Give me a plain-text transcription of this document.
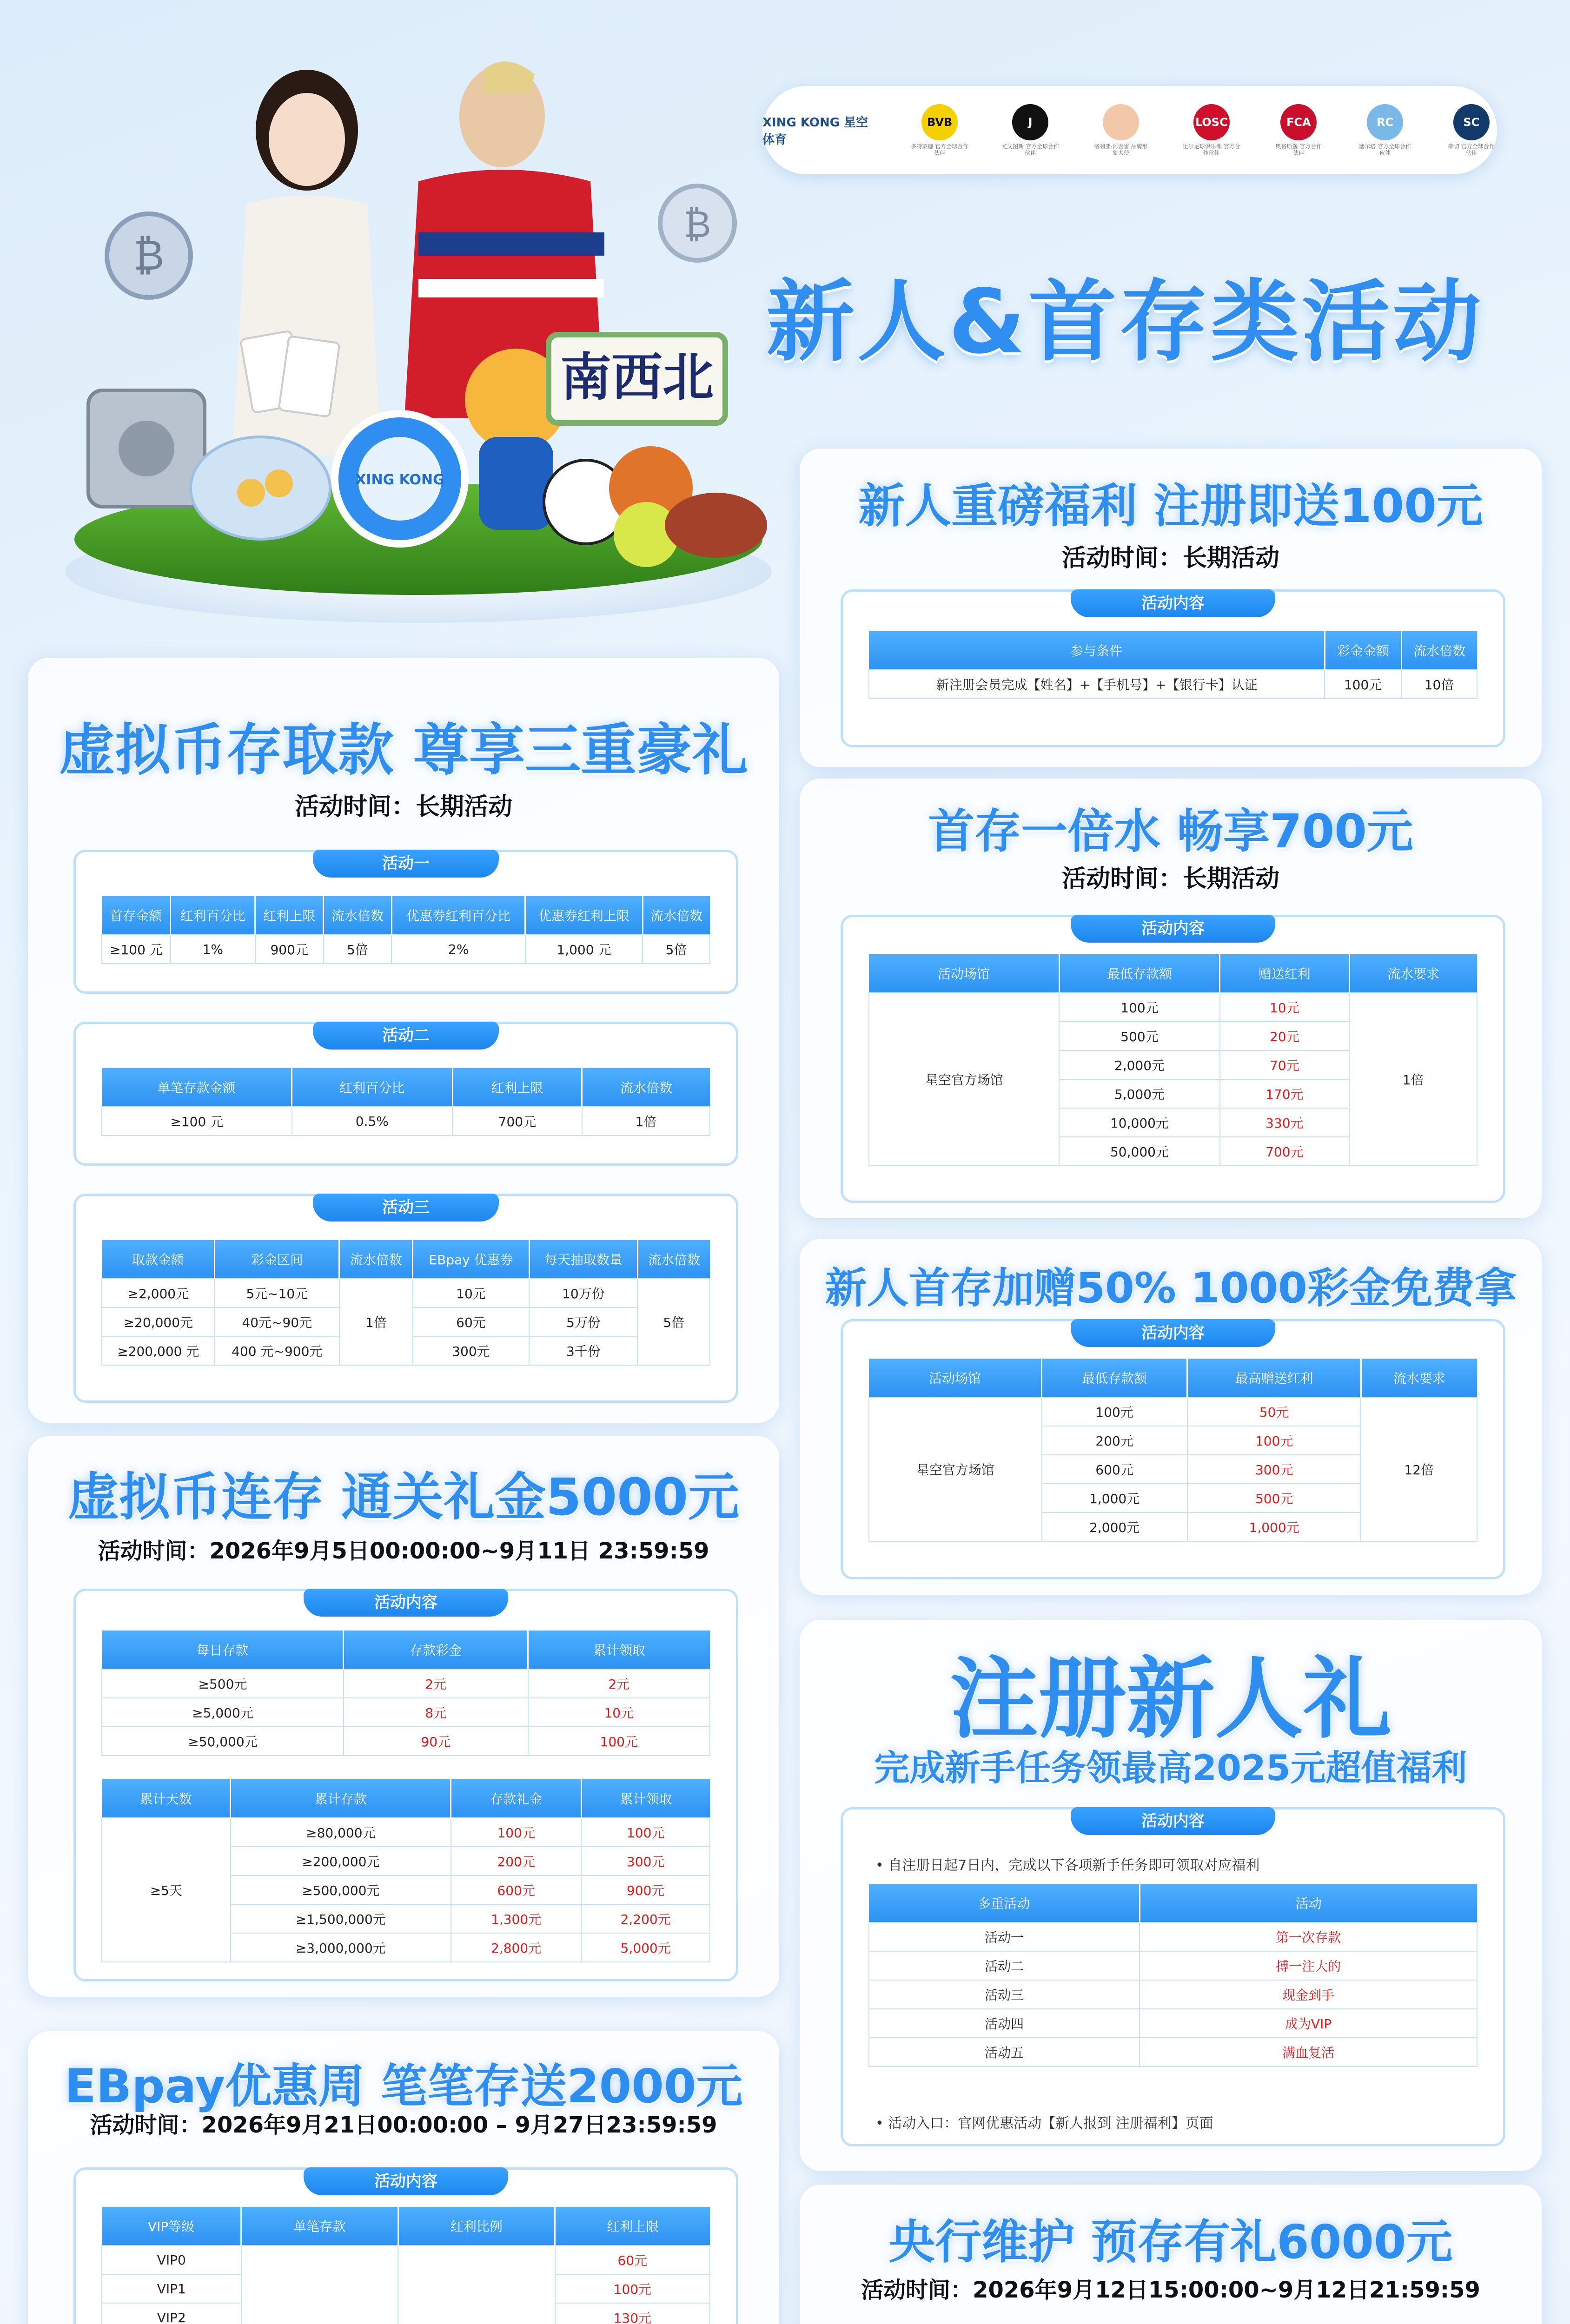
XING KONG 星空体育
BVB
多特蒙德 官方全球合作伙伴
J
尤文图斯 官方全球合作伙伴
格利亚·阿吉雷 品牌形象大使
LOSC
里尔足球俱乐部 官方合作伙伴
FCA
奥格斯堡 官方合作伙伴
RC
塞尔塔 官方全球合作伙伴
SC
莱切 官方全球合作伙伴
₿
₿
XING KONG
南西北
新人&首存类活动
虚拟币存取款 尊享三重豪礼
活动时间：长期活动
活动一
首存金额	红利百分比	红利上限	流水倍数	优惠券红利百分比	优惠券红利上限	流水倍数
≥100 元	1%	900元	5倍	2%	1,000 元	5倍
活动二
单笔存款金额	红利百分比	红利上限	流水倍数
≥100 元	0.5%	700元	1倍
活动三
取款金额	彩金区间	流水倍数	EBpay 优惠券	每天抽取数量	流水倍数
≥2,000元	5元~10元	1倍	10元	10万份	5倍
≥20,000元	40元~90元		60元	5万份	
≥200,000 元	400 元~900元		300元	3千份	
虚拟币连存 通关礼金5000元
活动时间：2026年9月5日00:00:00~9月11日 23:59:59
活动内容
每日存款	存款彩金	累计领取
≥500元	2元	2元
≥5,000元	8元	10元
≥50,000元	90元	100元
累计天数	累计存款	存款礼金	累计领取
≥5天	≥80,000元	100元	100元
	≥200,000元	200元	300元
	≥500,000元	600元	900元
	≥1,500,000元	1,300元	2,200元
	≥3,000,000元	2,800元	5,000元
EBpay优惠周 笔笔存送2000元
活动时间：2026年9月21日00:00:00 – 9月27日23:59:59
活动内容
VIP等级	单笔存款	红利比例	红利上限
VIP0			60元
VIP1			100元
VIP2			130元

新人重磅福利 注册即送100元
活动时间：长期活动
活动内容
参与条件	彩金金额	流水倍数
新注册会员完成【姓名】+【手机号】+【银行卡】认证	100元	10倍
首存一倍水 畅享700元
活动时间：长期活动
活动内容
活动场馆	最低存款额	赠送红利	流水要求
星空官方场馆	100元	10元	1倍
	500元	20元	
	2,000元	70元	
	5,000元	170元	
	10,000元	330元	
	50,000元	700元	
新人首存加赠50% 1000彩金免费拿
活动内容
活动场馆	最低存款额	最高赠送红利	流水要求
星空官方场馆	100元	50元	12倍
	200元	100元	
	600元	300元	
	1,000元	500元	
	2,000元	1,000元	
注册新人礼
完成新手任务领最高2025元超值福利
活动内容
• 自注册日起7日内，完成以下各项新手任务即可领取对应福利
多重活动	活动
活动一	第一次存款
活动二	搏一注大的
活动三	现金到手
活动四	成为VIP
活动五	满血复活
• 活动入口：官网优惠活动【新人报到 注册福利】页面
央行维护 预存有礼6000元
活动时间：2026年9月12日15:00:00~9月12日21:59:59
